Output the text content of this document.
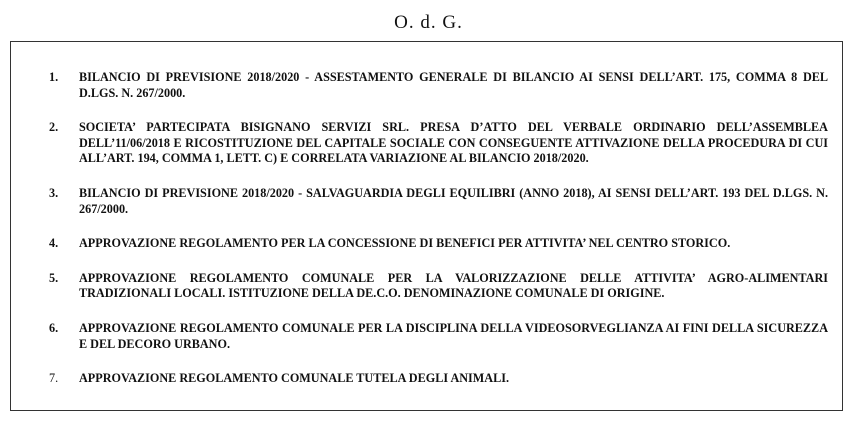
O. d. G.
1. BILANCIO DI PREVISIONE 2018/2020 - ASSESTAMENTO GENERALE DI BILANCIO AI SENSI DELL’ART. 175, COMMA 8 DEL D.LGS. N. 267/2000.
2. SOCIETA’ PARTECIPATA BISIGNANO SERVIZI SRL. PRESA D’ATTO DEL VERBALE ORDINARIO DELL’ASSEMBLEA DELL’11/06/2018 E RICOSTITUZIONE DEL CAPITALE SOCIALE CON CONSEGUENTE ATTIVAZIONE DELLA PROCEDURA DI CUI ALL’ART. 194, COMMA 1, LETT. C) E CORRELATA VARIAZIONE AL BILANCIO 2018/2020.
3. BILANCIO DI PREVISIONE 2018/2020 - SALVAGUARDIA DEGLI EQUILIBRI (ANNO 2018), AI SENSI DELL’ART. 193 DEL D.LGS. N. 267/2000.
4. APPROVAZIONE REGOLAMENTO PER LA CONCESSIONE DI BENEFICI PER ATTIVITA’ NEL CENTRO STORICO.
5. APPROVAZIONE REGOLAMENTO COMUNALE PER LA VALORIZZAZIONE DELLE ATTIVITA’ AGRO-ALIMENTARI TRADIZIONALI LOCALI. ISTITUZIONE DELLA DE.C.O. DENOMINAZIONE COMUNALE DI ORIGINE.
6. APPROVAZIONE REGOLAMENTO COMUNALE PER LA DISCIPLINA DELLA VIDEOSORVEGLIANZA AI FINI DELLA SICUREZZA E DEL DECORO URBANO.
7. APPROVAZIONE REGOLAMENTO COMUNALE TUTELA DEGLI ANIMALI.
